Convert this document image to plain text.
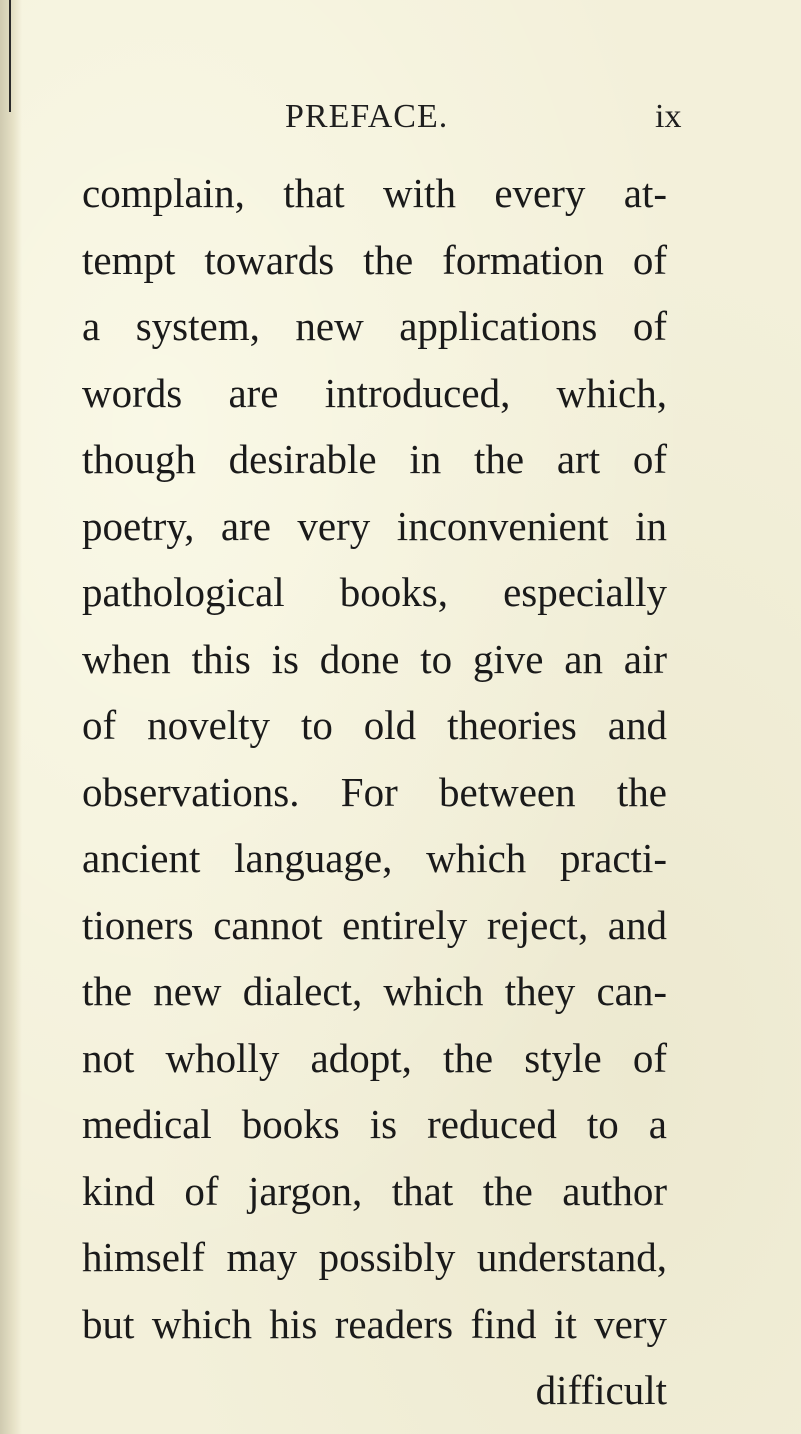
PREFACE.	ix
complain, that with every at-
tempt towards the formation of
a system, new applications of
words are introduced, which,
though desirable in the art of
poetry, are very inconvenient in
pathological books, especially
when this is done to give an air
of novelty to old theories and
observations. For between the
ancient language, which practi-
tioners cannot entirely reject, and
the new dialect, which they can-
not wholly adopt, the style of
medical books is reduced to a
kind of jargon, that the author
himself may possibly understand,
but which his readers find it very
difficult
